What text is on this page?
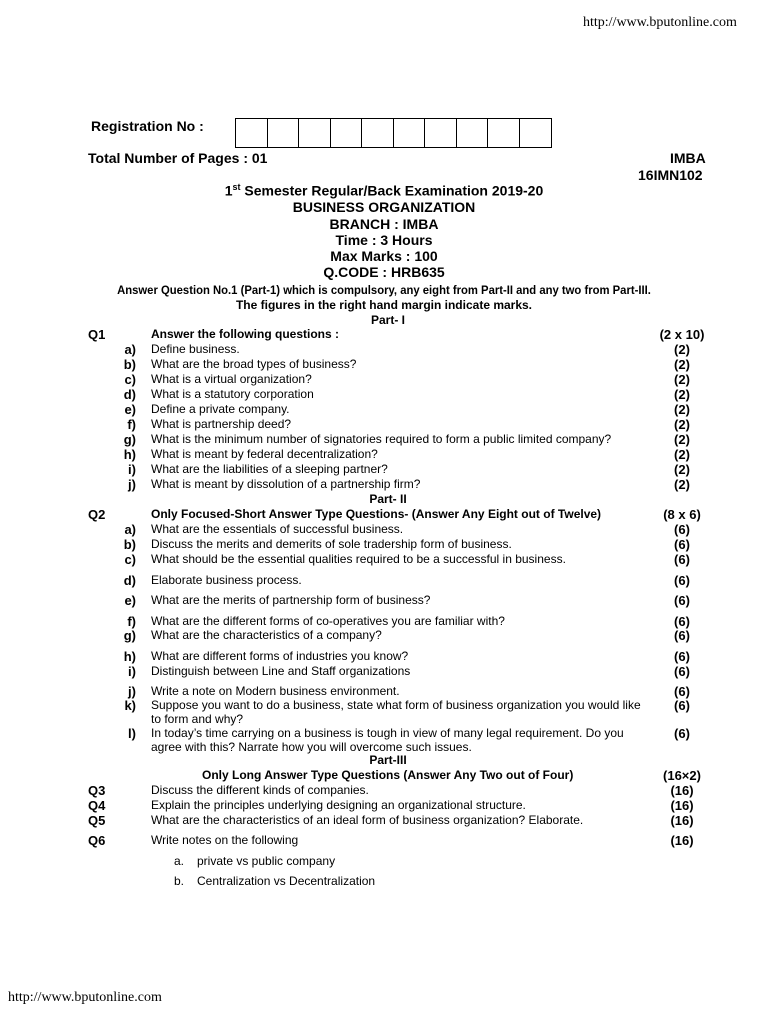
http://www.bputonline.com
http://www.bputonline.com
Registration No :
Total Number of Pages : 01	IMBA
16IMN102
1st Semester Regular/Back Examination 2019-20
BUSINESS ORGANIZATION
BRANCH : IMBA
Time : 3 Hours
Max Marks : 100
Q.CODE : HRB635
Answer Question No.1 (Part-1) which is compulsory, any eight from Part-II and any two from Part-III.
The figures in the right hand margin indicate marks.
Part- I
Q1	Answer the following questions :	(2 x 10)
a) Define business.	(2)
b) What are the broad types of business?	(2)
c) What is a virtual organization?	(2)
d) What is a statutory corporation	(2)
e) Define a private company.	(2)
f) What is partnership deed?	(2)
g) What is the minimum number of signatories required to form a public limited company?	(2)
h) What is meant by federal decentralization?	(2)
i) What are the liabilities of a sleeping partner?	(2)
j) What is meant by dissolution of a partnership firm?	(2)
Part- II
Q2	Only Focused-Short Answer Type Questions- (Answer Any Eight out of Twelve)	(8 x 6)
a) What are the essentials of successful business.	(6)
b) Discuss the merits and demerits of sole tradership form of business.	(6)
c) What should be the essential qualities required to be a successful in business.	(6)
d) Elaborate business process.	(6)
e) What are the merits of partnership form of business?	(6)
f) What are the different forms of co-operatives you are familiar with?	(6)
g) What are the characteristics of a company?	(6)
h) What are different forms of industries you know?	(6)
i) Distinguish between Line and Staff organizations	(6)
j) Write a note on Modern business environment.	(6)
k) Suppose you want to do a business, state what form of business organization you would like to form and why?
(6)
l) In today’s time carrying on a business is tough in view of many legal requirement. Do you agree with this? Narrate how you will overcome such issues.
(6)
Part-III
Only Long Answer Type Questions (Answer Any Two out of Four)	(16×2)
Q3	Discuss the different kinds of companies.	(16)
Q4	Explain the principles underlying designing an organizational structure.	(16)
Q5	What are the characteristics of an ideal form of business organization? Elaborate.	(16)
Q6	Write notes on the following	(16)
a. private vs public company
b. Centralization vs Decentralization
